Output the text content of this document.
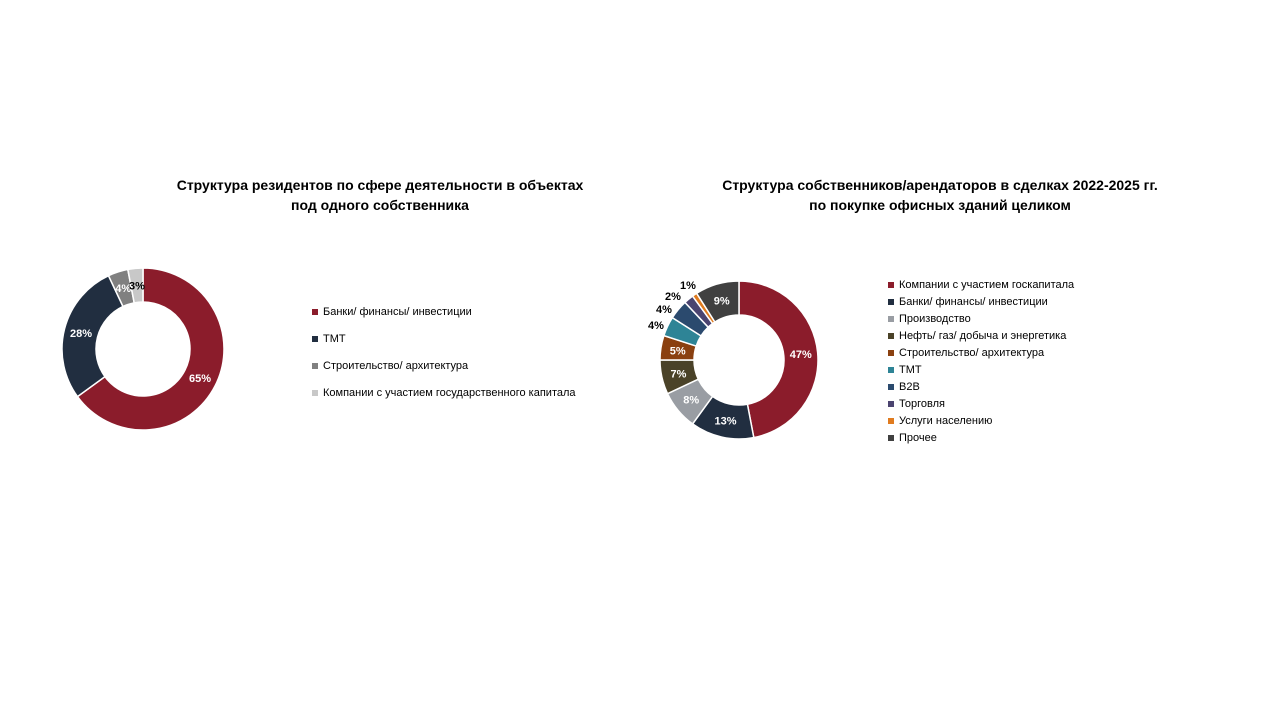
Структура резидентов по сфере деятельности в объектах
под одного собственника
Структура собственников/арендаторов в сделках 2022-2025 гг.
по покупке офисных зданий целиком
65%
28%
4%
3%
47%
13%
8%
7%
5%
4%
4%
2%
1%
9%
Банки/ финансы/ инвестиции
ТМТ
Строительство/ архитектура
Компании с участием государственного капитала
Компании с участием госкапитала
Банки/ финансы/ инвестиции
Производство
Нефть/ газ/ добыча и энергетика
Строительство/ архитектура
ТМТ
B2B
Торговля
Услуги населению
Прочее
